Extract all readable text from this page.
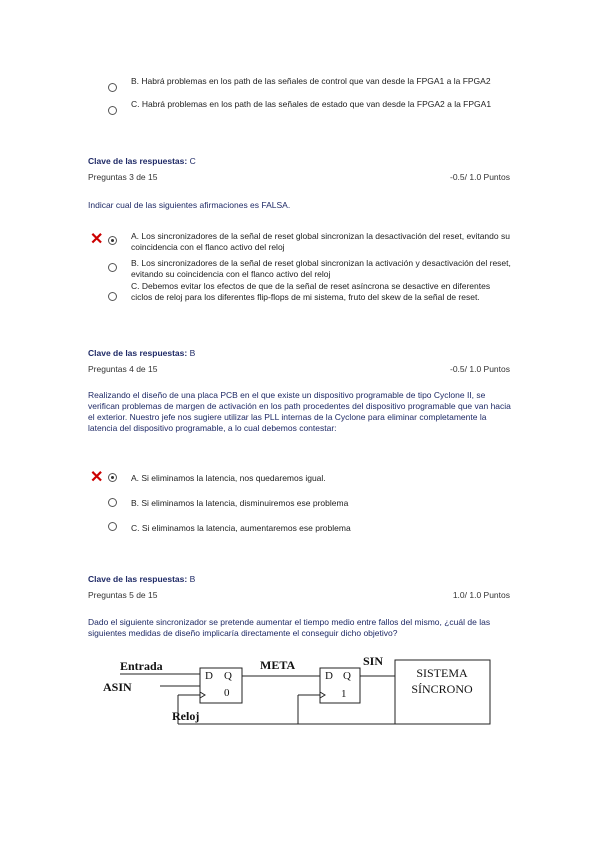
B. Habrá problemas en los path de las señales de control que van desde la FPGA1 a la FPGA2
C. Habrá problemas en los path de las señales de estado que van desde la FPGA2 a la FPGA1
Clave de las respuestas: C
Preguntas 3 de 15	-0.5/ 1.0 Puntos
Indicar cual de las siguientes afirmaciones es FALSA.
✕	A. Los sincronizadores de la señal de reset global sincronizan la desactivación del reset, evitando su coincidencia con el flanco activo del reloj
B. Los sincronizadores de la señal de reset global sincronizan la activación y desactivación del reset, evitando su coincidencia con el flanco activo del reloj
C. Debemos evitar los efectos de que de la señal de reset asíncrona se desactive en diferentes ciclos de reloj para los diferentes flip-flops de mi sistema, fruto del skew de la señal de reset.
Clave de las respuestas: B
Preguntas 4 de 15	-0.5/ 1.0 Puntos
Realizando el diseño de una placa PCB en el que existe un dispositivo programable de tipo Cyclone II, se verifican problemas de margen de activación en los path procedentes del dispositivo programable que van hacia el exterior. Nuestro jefe nos sugiere utilizar las PLL internas de la Cyclone para eliminar completamente la latencia del dispositivo programable, a lo cual debemos contestar:
✕	A. Si eliminamos la latencia, nos quedaremos igual.
B. Si eliminamos la latencia, disminuiremos ese problema
C. Si eliminamos la latencia, aumentaremos ese problema
Clave de las respuestas: B
Preguntas 5 de 15	1.0/ 1.0 Puntos
Dado el siguiente sincronizador se pretende aumentar el tiempo medio entre fallos del mismo, ¿cuál de las siguientes medidas de diseño implicaría directamente el conseguir dicho objetivo?
Entrada
ASIN
Reloj
META	SIN
D Q
0
D Q
1
SISTEMA
SÍNCRONO
